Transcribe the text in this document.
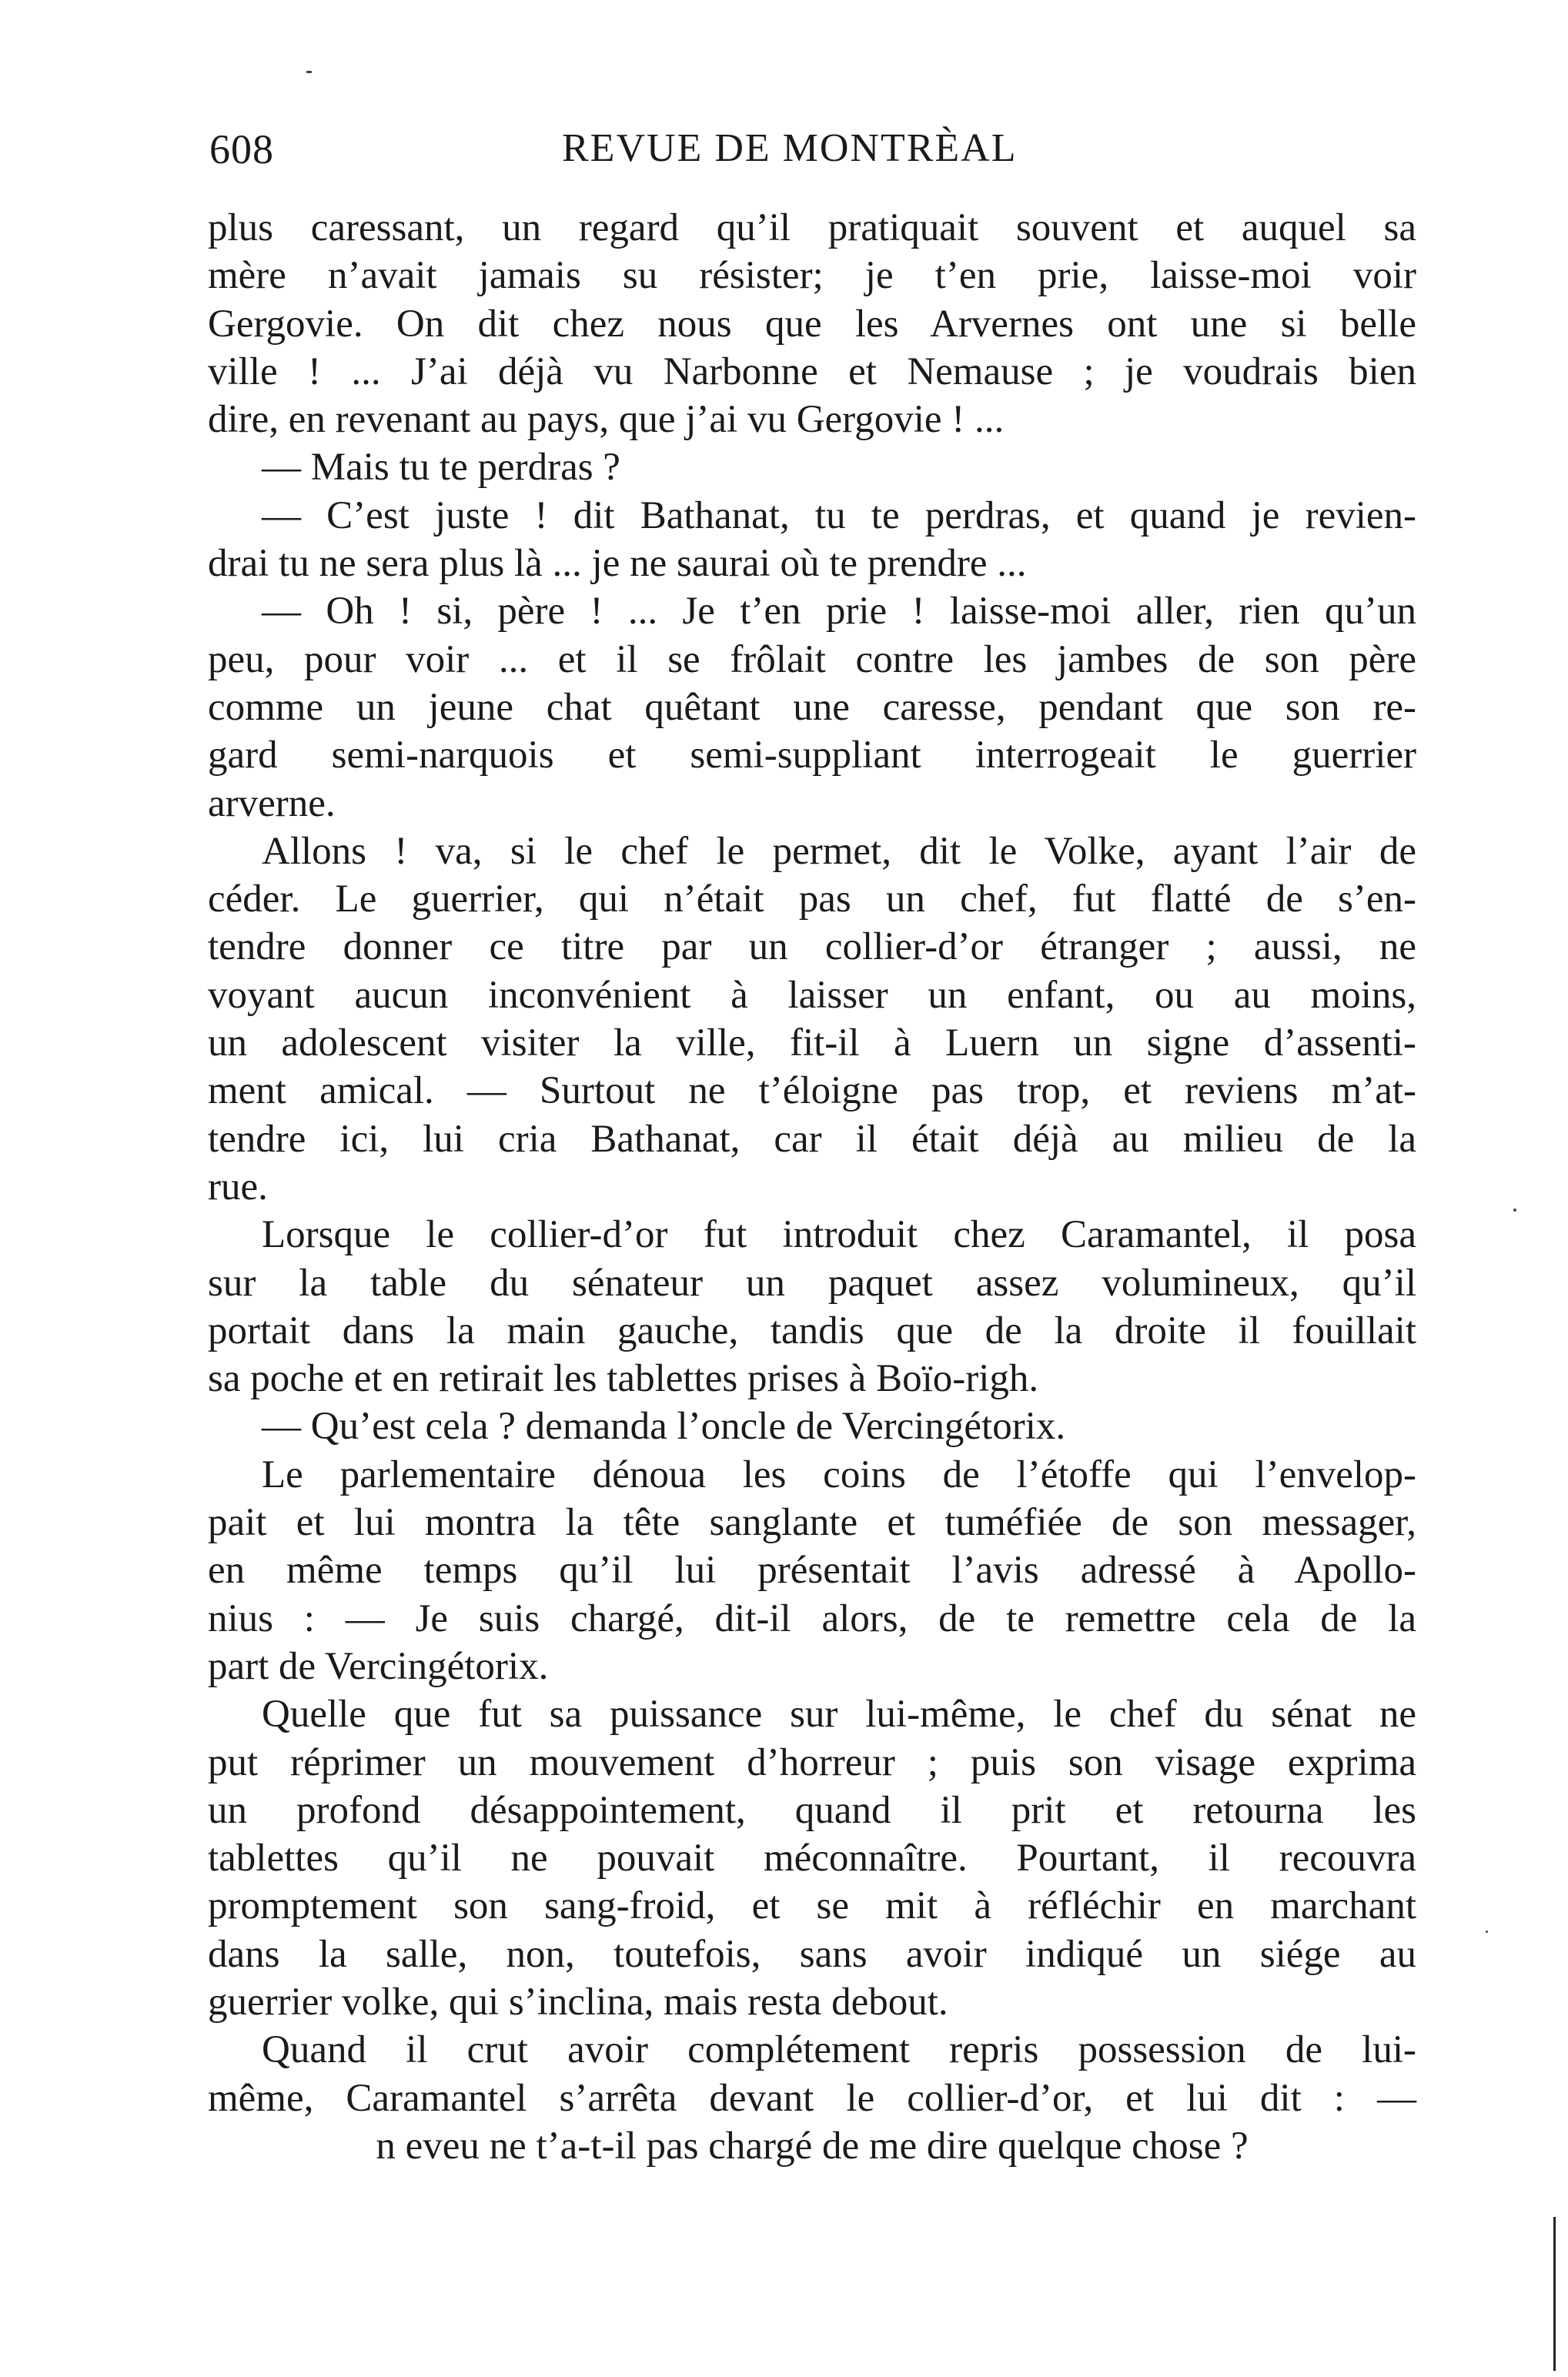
608	REVUE DE MONTRÈAL
plus caressant, un regard qu’il pratiquait souvent et auquel sa
mère n’avait jamais su résister; je t’en prie, laisse-moi voir
Gergovie. On dit chez nous que les Arvernes ont une si belle
ville ! ... J’ai déjà vu Narbonne et Nemause ; je voudrais bien
dire, en revenant au pays, que j’ai vu Gergovie ! ...
— Mais tu te perdras ?
— C’est juste ! dit Bathanat, tu te perdras, et quand je revien-
drai tu ne sera plus là ... je ne saurai où te prendre ...
— Oh ! si, père ! ... Je t’en prie ! laisse-moi aller, rien qu’un
peu, pour voir ... et il se frôlait contre les jambes de son père
comme un jeune chat quêtant une caresse, pendant que son re-
gard semi-narquois et semi-suppliant interrogeait le guerrier
arverne.
Allons ! va, si le chef le permet, dit le Volke, ayant l’air de
céder. Le guerrier, qui n’était pas un chef, fut flatté de s’en-
tendre donner ce titre par un collier-d’or étranger ; aussi, ne
voyant aucun inconvénient à laisser un enfant, ou au moins,
un adolescent visiter la ville, fit-il à Luern un signe d’assenti-
ment amical. — Surtout ne t’éloigne pas trop, et reviens m’at-
tendre ici, lui cria Bathanat, car il était déjà au milieu de la
rue.
Lorsque le collier-d’or fut introduit chez Caramantel, il posa
sur la table du sénateur un paquet assez volumineux, qu’il
portait dans la main gauche, tandis que de la droite il fouillait
sa poche et en retirait les tablettes prises à Boïo-righ.
— Qu’est cela ? demanda l’oncle de Vercingétorix.
Le parlementaire dénoua les coins de l’étoffe qui l’envelop-
pait et lui montra la tête sanglante et tuméfiée de son messager,
en même temps qu’il lui présentait l’avis adressé à Apollo-
nius : — Je suis chargé, dit-il alors, de te remettre cela de la
part de Vercingétorix.
Quelle que fut sa puissance sur lui-même, le chef du sénat ne
put réprimer un mouvement d’horreur ; puis son visage exprima
un profond désappointement, quand il prit et retourna les
tablettes qu’il ne pouvait méconnaître. Pourtant, il recouvra
promptement son sang-froid, et se mit à réfléchir en marchant
dans la salle, non, toutefois, sans avoir indiqué un siége au
guerrier volke, qui s’inclina, mais resta debout.
Quand il crut avoir complétement repris possession de lui-
même, Caramantel s’arrêta devant le collier-d’or, et lui dit : —
n eveu ne t’a-t-il pas chargé de me dire quelque chose ?
